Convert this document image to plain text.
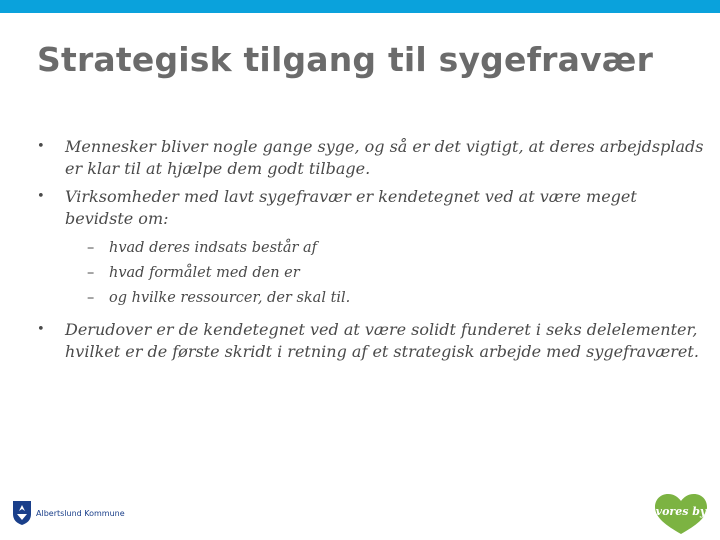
Strategisk tilgang til sygefravær

•	Mennesker bliver nogle gange syge, og så er det vigtigt, at deres arbejdsplads er klar til at hjælpe dem godt tilbage.

•	Virksomheder med lavt sygefravær er kendetegnet ved at være meget bevidste om:

– hvad deres indsats består af
– hvad formålet med den er
– og hvilke ressourcer, der skal til.

•	Derudover er de kendetegnet ved at være solidt funderet i seks delelementer, hvilket er de første skridt i retning af et strategisk arbejde med sygefraværet.

Albertslund Kommune	vores by
